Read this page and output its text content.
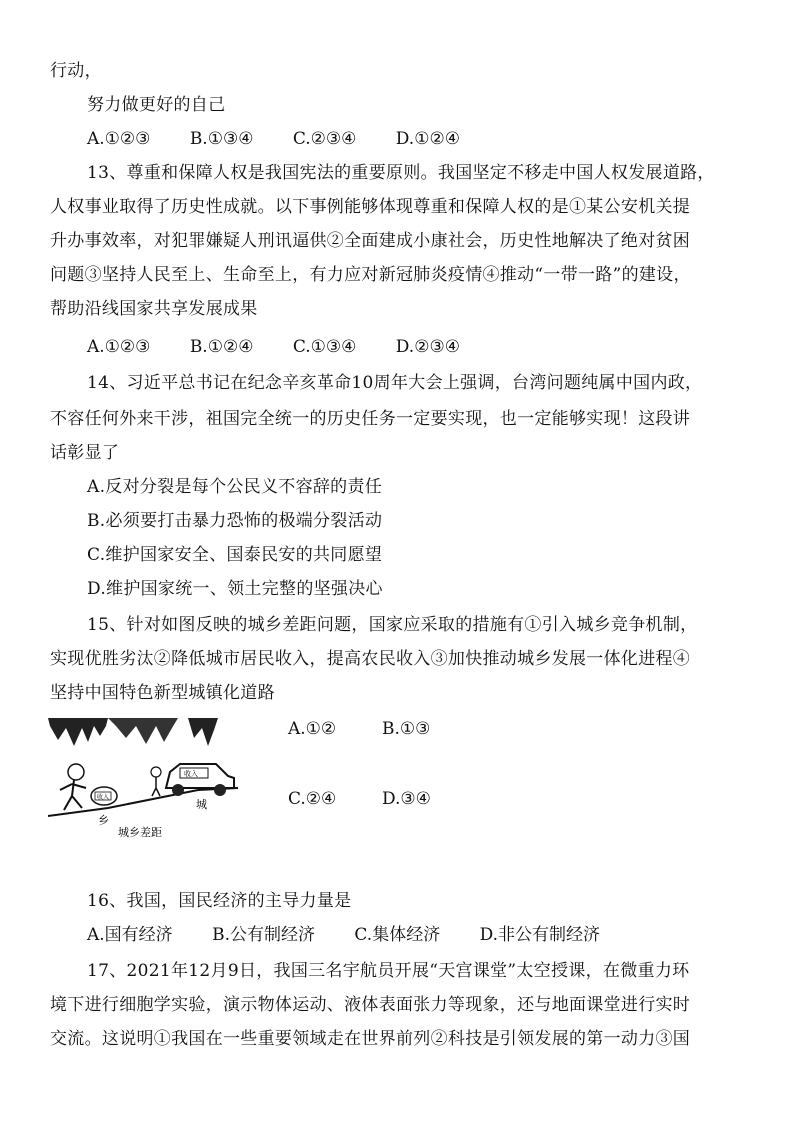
行动，
努力做更好的自己
A.①②③ B.①③④ C.②③④ D.①②④
13、尊重和保障人权是我国宪法的重要原则。我国坚定不移走中国人权发展道路，
人权事业取得了历史性成就。以下事例能够体现尊重和保障人权的是①某公安机关提
升办事效率，对犯罪嫌疑人刑讯逼供②全面建成小康社会，历史性地解决了绝对贫困
问题③坚持人民至上、生命至上，有力应对新冠肺炎疫情④推动“一带一路”的建设，
帮助沿线国家共享发展成果
A.①②③ B.①②④ C.①③④ D.②③④
14、习近平总书记在纪念辛亥革命10周年大会上强调，台湾问题纯属中国内政，
不容任何外来干涉，祖国完全统一的历史任务一定要实现，也一定能够实现！这段讲
话彰显了
A.反对分裂是每个公民义不容辞的责任
B.必须要打击暴力恐怖的极端分裂活动
C.维护国家安全、国泰民安的共同愿望
D.维护国家统一、领土完整的坚强决心
15、针对如图反映的城乡差距问题，国家应采取的措施有①引入城乡竞争机制，
实现优胜劣汰②降低城市居民收入，提高农民收入③加快推动城乡发展一体化进程④
坚持中国特色新型城镇化道路
收入
收入
城
乡
城乡差距
A.①②	B.①③
C.②④	D.③④
16、我国，国民经济的主导力量是
A.国有经济 B.公有制经济 C.集体经济 D.非公有制经济
17、2021年12月9日，我国三名宇航员开展“天宫课堂”太空授课，在微重力环
境下进行细胞学实验，演示物体运动、液体表面张力等现象，还与地面课堂进行实时
交流。这说明①我国在一些重要领域走在世界前列②科技是引领发展的第一动力③国
